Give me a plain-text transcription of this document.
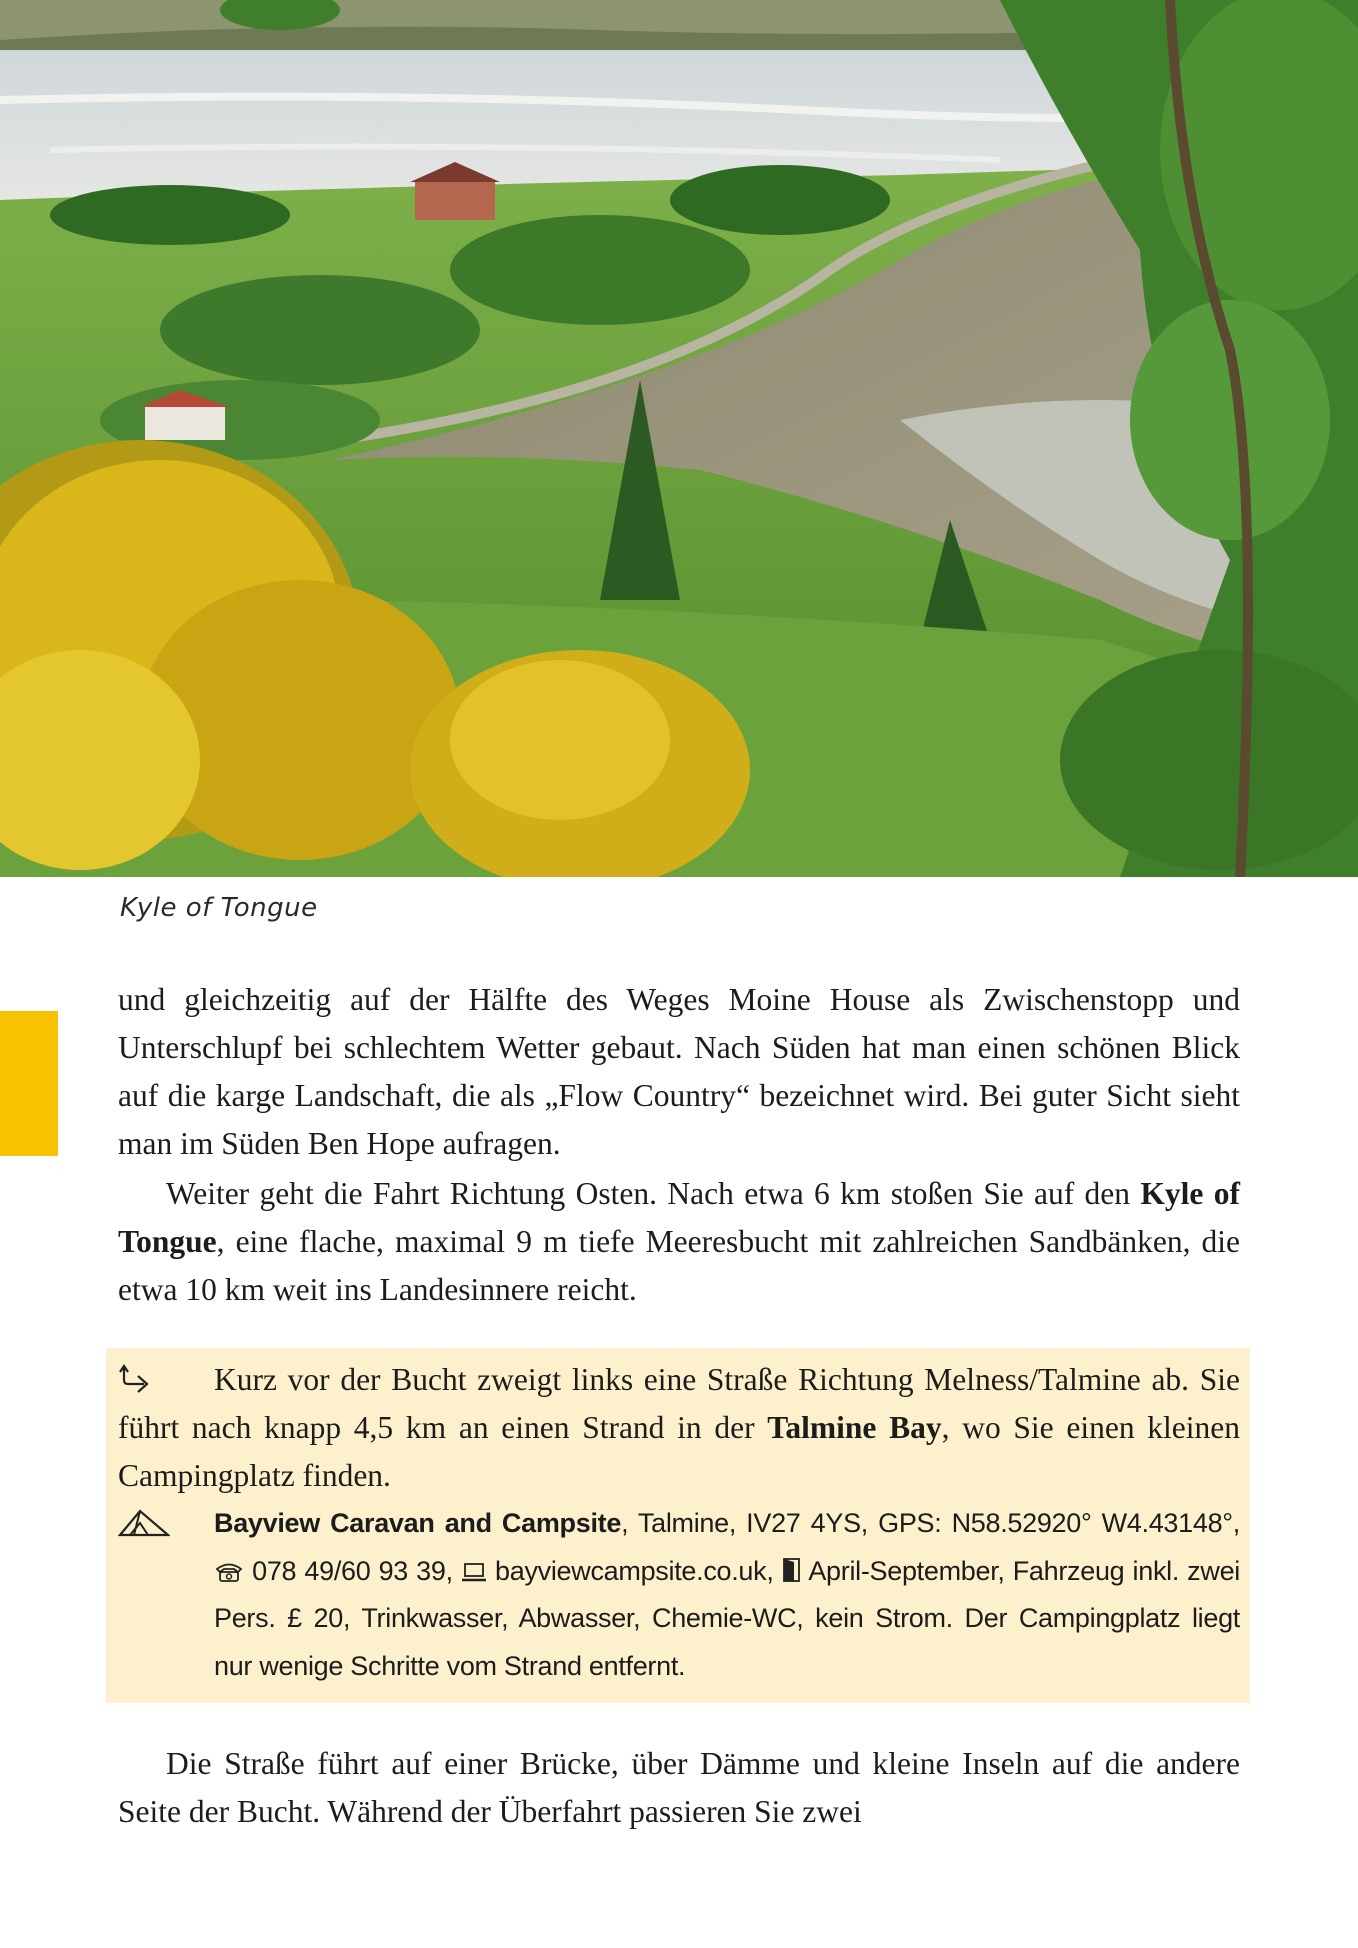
Kyle of Tongue

und gleichzeitig auf der Hälfte des Weges Moine House als Zwischenstopp und Unterschlupf bei schlechtem Wetter gebaut. Nach Süden hat man einen schönen Blick auf die karge Landschaft, die als „Flow Country“ bezeichnet wird. Bei guter Sicht sieht man im Süden Ben Hope aufragen.

Weiter geht die Fahrt Richtung Osten. Nach etwa 6 km stoßen Sie auf den Kyle of Tongue, eine flache, maximal 9 m tiefe Meeresbucht mit zahlreichen Sandbänken, die etwa 10 km weit ins Landesinnere reicht.

Kurz vor der Bucht zweigt links eine Straße Richtung Melness/Talmine ab. Sie führt nach knapp 4,5 km an einen Strand in der Talmine Bay, wo Sie einen kleinen Campingplatz finden.

Bayview Caravan and Campsite, Talmine, IV27 4YS, GPS: N58.52920° W4.43148°,  078 49/60 93 39,  bayviewcampsite.co.uk,  April-September, Fahrzeug inkl. zwei Pers. £ 20, Trinkwasser, Abwasser, Chemie-WC, kein Strom. Der Campingplatz liegt nur wenige Schritte vom Strand entfernt.

Die Straße führt auf einer Brücke, über Dämme und kleine Inseln auf die andere Seite der Bucht. Während der Überfahrt passieren Sie zwei
